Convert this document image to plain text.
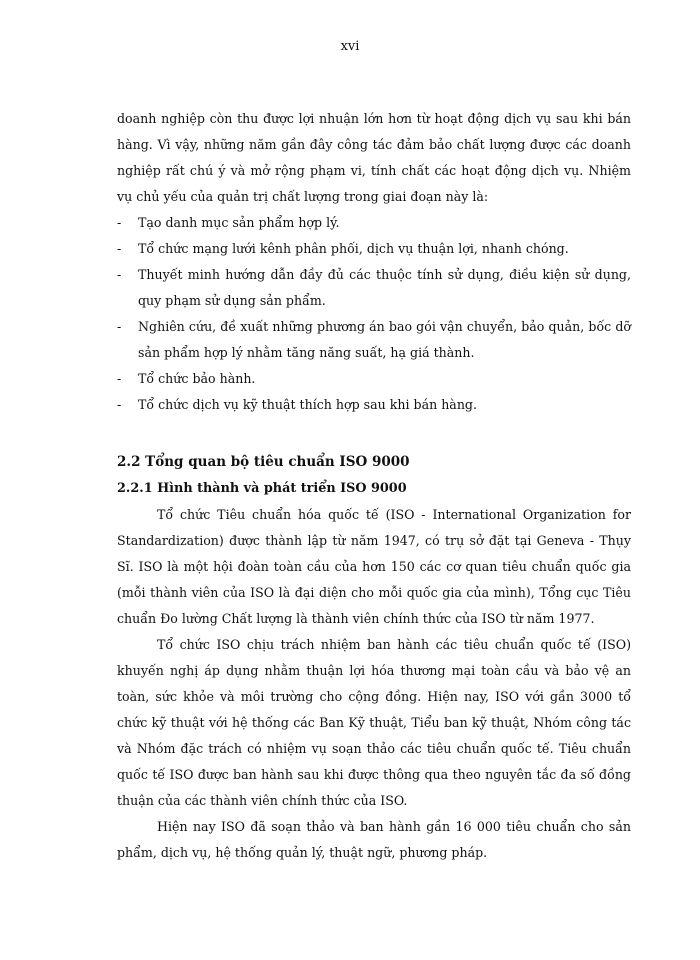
xvi

doanh nghiệp còn thu được lợi nhuận lớn hơn từ hoạt động dịch vụ sau khi bán hàng. Vì vậy, những năm gần đây công tác đảm bảo chất lượng được các doanh nghiệp rất chú ý và mở rộng phạm vi, tính chất các hoạt động dịch vụ. Nhiệm vụ chủ yếu của quản trị chất lượng trong giai đoạn này là:

- Tạo danh mục sản phẩm hợp lý.
- Tổ chức mạng lưới kênh phân phối, dịch vụ thuận lợi, nhanh chóng.
- Thuyết minh hướng dẫn đầy đủ các thuộc tính sử dụng, điều kiện sử dụng, quy phạm sử dụng sản phẩm.
- Nghiên cứu, đề xuất những phương án bao gói vận chuyển, bảo quản, bốc dỡ sản phẩm hợp lý nhằm tăng năng suất, hạ giá thành.
- Tổ chức bảo hành.
- Tổ chức dịch vụ kỹ thuật thích hợp sau khi bán hàng.
2.2 Tổng quan bộ tiêu chuẩn ISO 9000
2.2.1 Hình thành và phát triển ISO 9000

Tổ chức Tiêu chuẩn hóa quốc tế (ISO - International Organization for Standardization) được thành lập từ năm 1947, có trụ sở đặt tại Geneva - Thụy Sĩ. ISO là một hội đoàn toàn cầu của hơn 150 các cơ quan tiêu chuẩn quốc gia (mỗi thành viên của ISO là đại diện cho mỗi quốc gia của mình), Tổng cục Tiêu chuẩn Đo lường Chất lượng là thành viên chính thức của ISO từ năm 1977.

Tổ chức ISO chịu trách nhiệm ban hành các tiêu chuẩn quốc tế (ISO) khuyến nghị áp dụng nhằm thuận lợi hóa thương mại toàn cầu và bảo vệ an toàn, sức khỏe và môi trường cho cộng đồng. Hiện nay, ISO với gần 3000 tổ chức kỹ thuật với hệ thống các Ban Kỹ thuật, Tiểu ban kỹ thuật, Nhóm công tác và Nhóm đặc trách có nhiệm vụ soạn thảo các tiêu chuẩn quốc tế. Tiêu chuẩn quốc tế ISO được ban hành sau khi được thông qua theo nguyên tắc đa số đồng thuận của các thành viên chính thức của ISO.

Hiện nay ISO đã soạn thảo và ban hành gần 16 000 tiêu chuẩn cho sản phẩm, dịch vụ, hệ thống quản lý, thuật ngữ, phương pháp.
